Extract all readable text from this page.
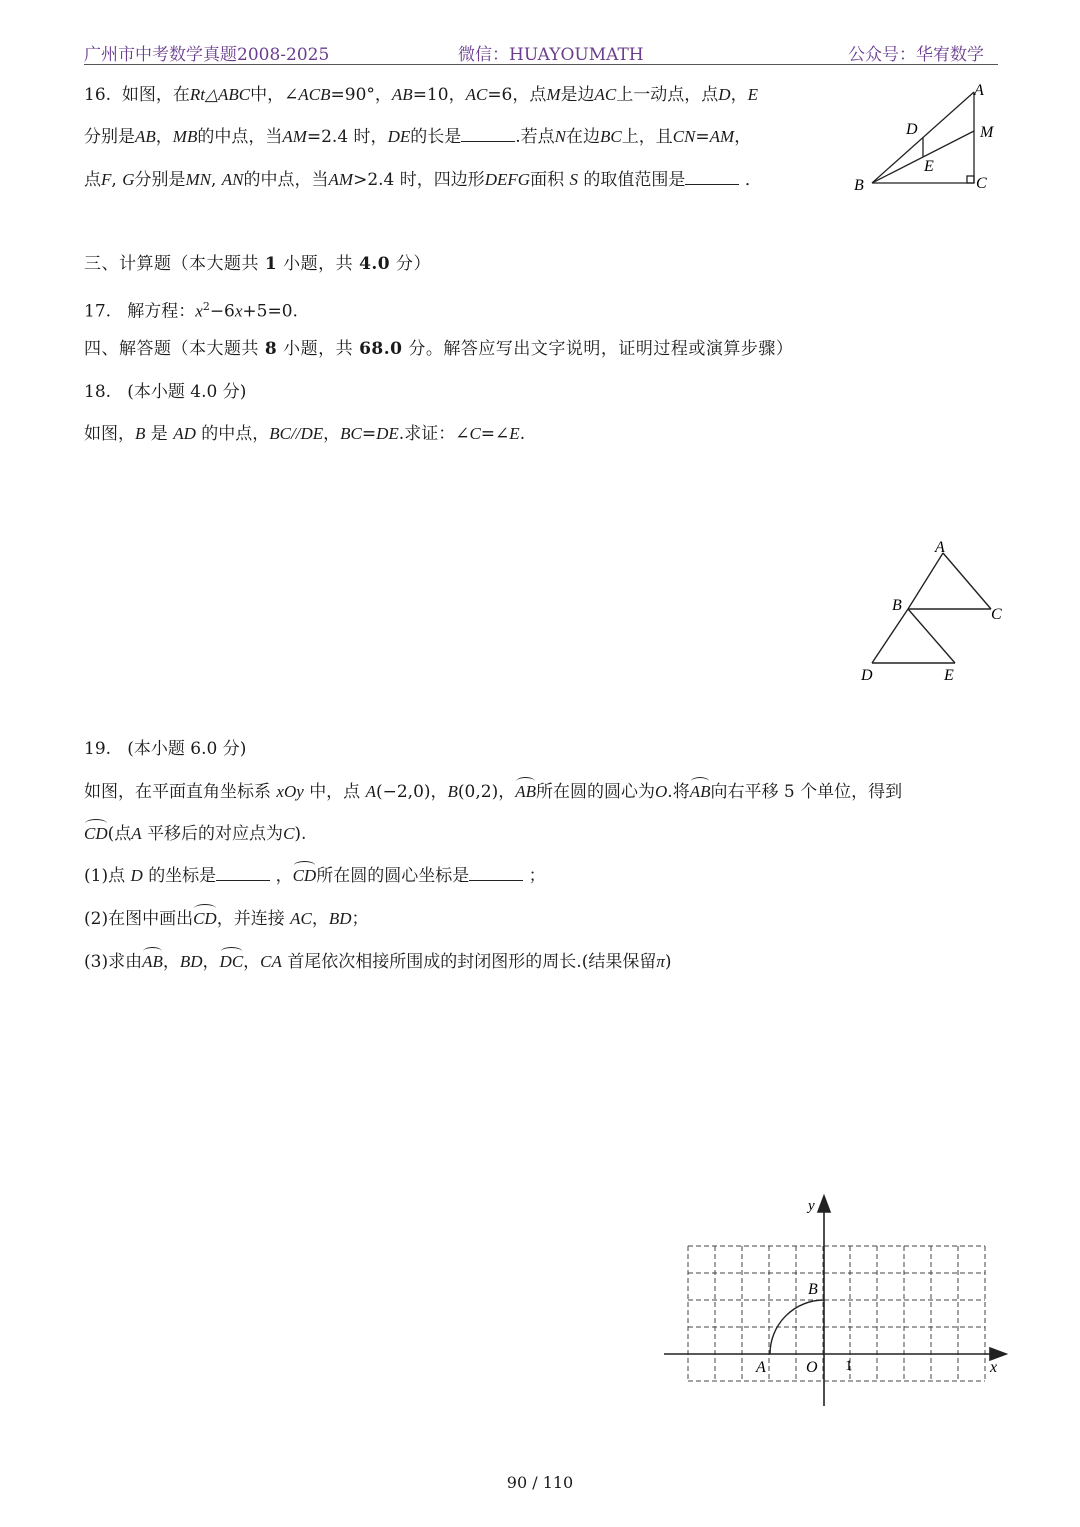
广州市中考数学真题2008-2025	微信：HUAYOUMATH	公众号：华宥数学
16. 如图，在Rt△ABC中，∠ACB=90°，AB=10，AC=6，点M是边AC上一动点，点D，E
分别是AB，MB的中点，当AM=2.4 时，DE的长是	.若点N在边BC上，且CN=AM，
点F, G分别是MN, AN的中点，当AM>2.4 时，四边形DEFG面积 S 的取值范围是	．
A
M
D
E
B	C
三、计算题（本大题共 1 小题，共 4.0 分）
17. 解方程：$x^2-6x+5=0$.
四、解答题（本大题共 8 小题，共 68.0 分。解答应写出文字说明，证明过程或演算步骤）
18. (本小题 4.0 分)
如图，B 是 AD 的中点，BC//DE，BC=DE.求证：∠C=∠E.
A
B
C
D	E
19. (本小题 6.0 分)
如图，在平面直角坐标系 xOy 中，点 A(−2,0)，B(0,2)，AB所在圆的圆心为O.将AB向右平移 5 个单位，得到
CD(点A 平移后的对应点为C).
(1)点 D 的坐标是	，CD所在圆的圆心坐标是	；
(2)在图中画出CD，并连接 AC，BD；
(3)求由AB，BD，DC，CA 首尾依次相接所围成的封闭图形的周长.(结果保留π)
y
B
A	O 1	x
90 / 110
